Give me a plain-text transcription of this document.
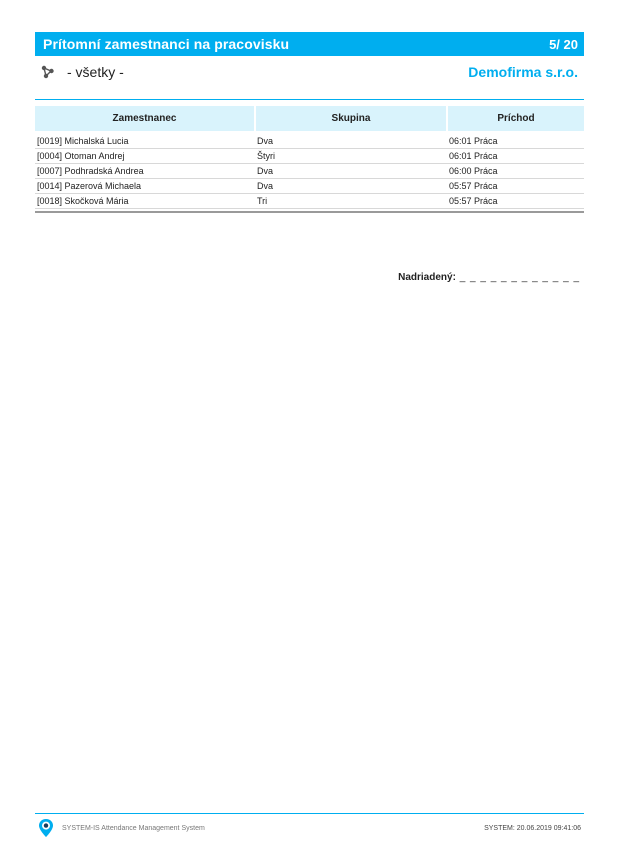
Prítomní zamestnanci na pracovisku	5/ 20
- všetky -	Demofirma s.r.o.
Zamestnanec	Skupina	Príchod
[0019] Michalská Lucia	Dva	06:01 Práca
[0004] Otoman Andrej	Štyri	06:01 Práca
[0007] Podhradská Andrea	Dva	06:00 Práca
[0014] Pazerová Michaela	Dva	05:57 Práca
[0018] Skočková Mária	Tri	05:57 Práca
Nadriadený: _ _ _ _ _ _ _ _ _ _ _ _
SYSTEM-IS Attendance Management System	SYSTEM: 20.06.2019 09:41:06
